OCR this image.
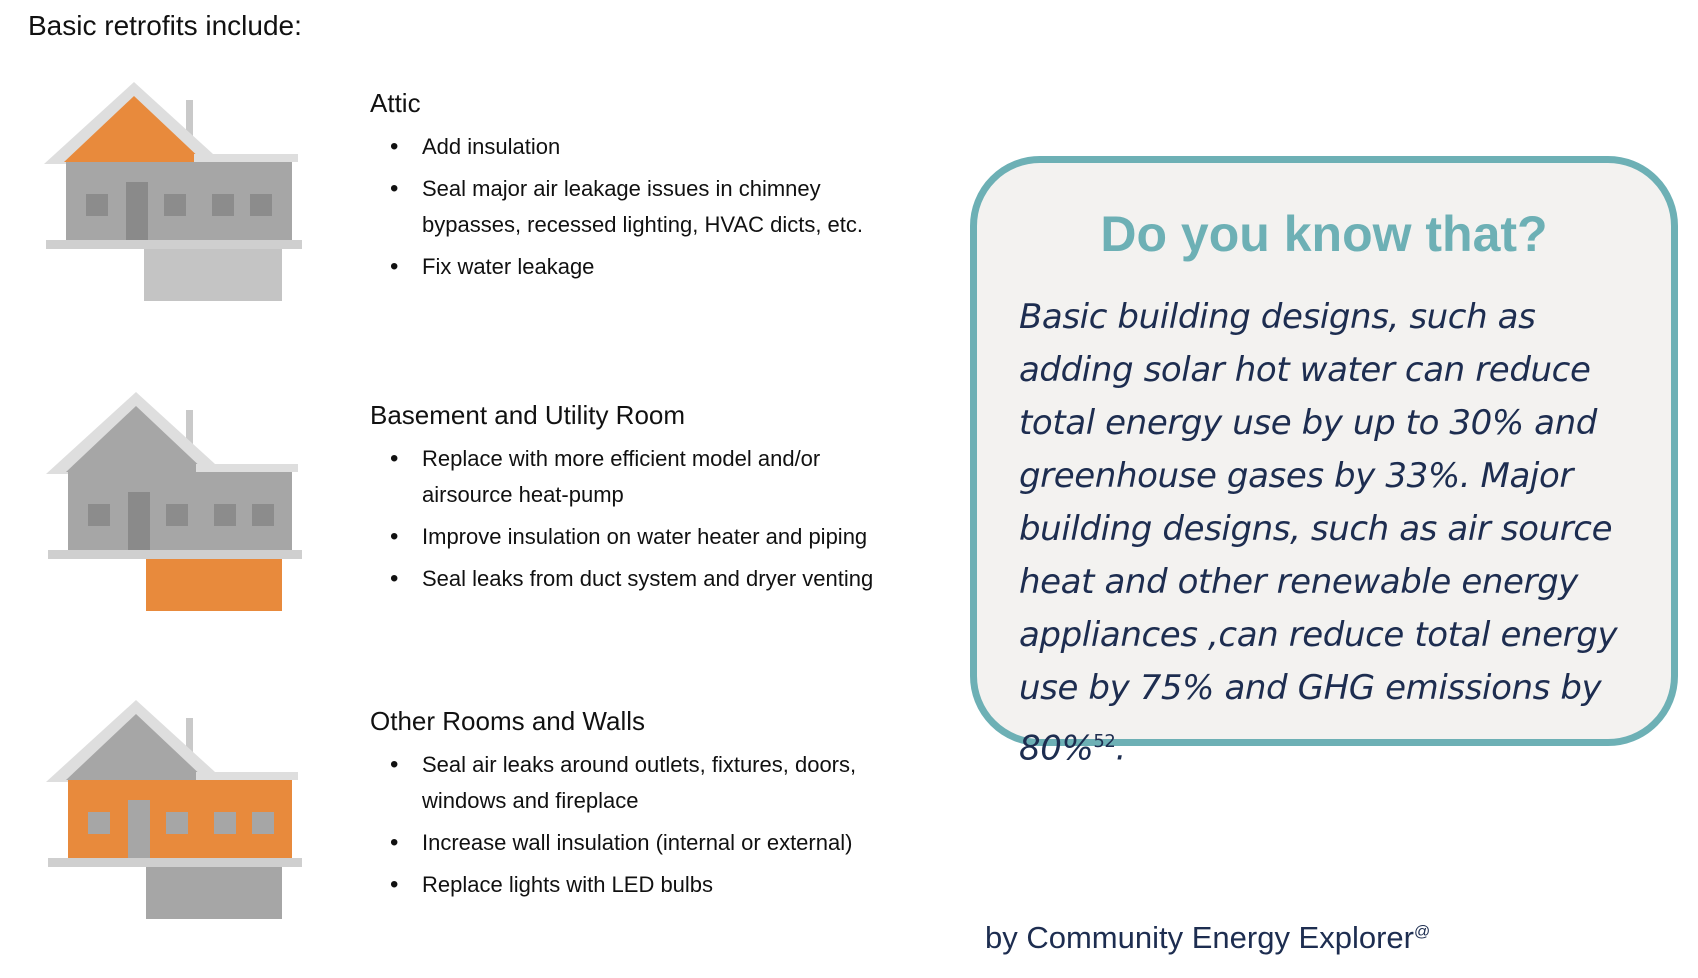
Basic retrofits include:
Attic
• Add insulation
• Seal major air leakage issues in chimney bypasses, recessed lighting, HVAC dicts, etc.
• Fix water leakage
Basement and Utility Room
• Replace with more efficient model and/or airsource heat-pump
• Improve insulation on water heater and piping
• Seal leaks from duct system and dryer venting
Other Rooms and Walls
• Seal air leaks around outlets, fixtures, doors, windows and fireplace
• Increase wall insulation (internal or external)
• Replace lights with LED bulbs
Do you know that?
Basic building designs, such as adding solar hot water can reduce total energy use by up to 30% and greenhouse gases by 33%. Major building designs, such as air source heat and other renewable energy appliances ,can reduce total energy use by 75% and GHG emissions by 80%$^{52}$.
by Community Energy Explorer@
